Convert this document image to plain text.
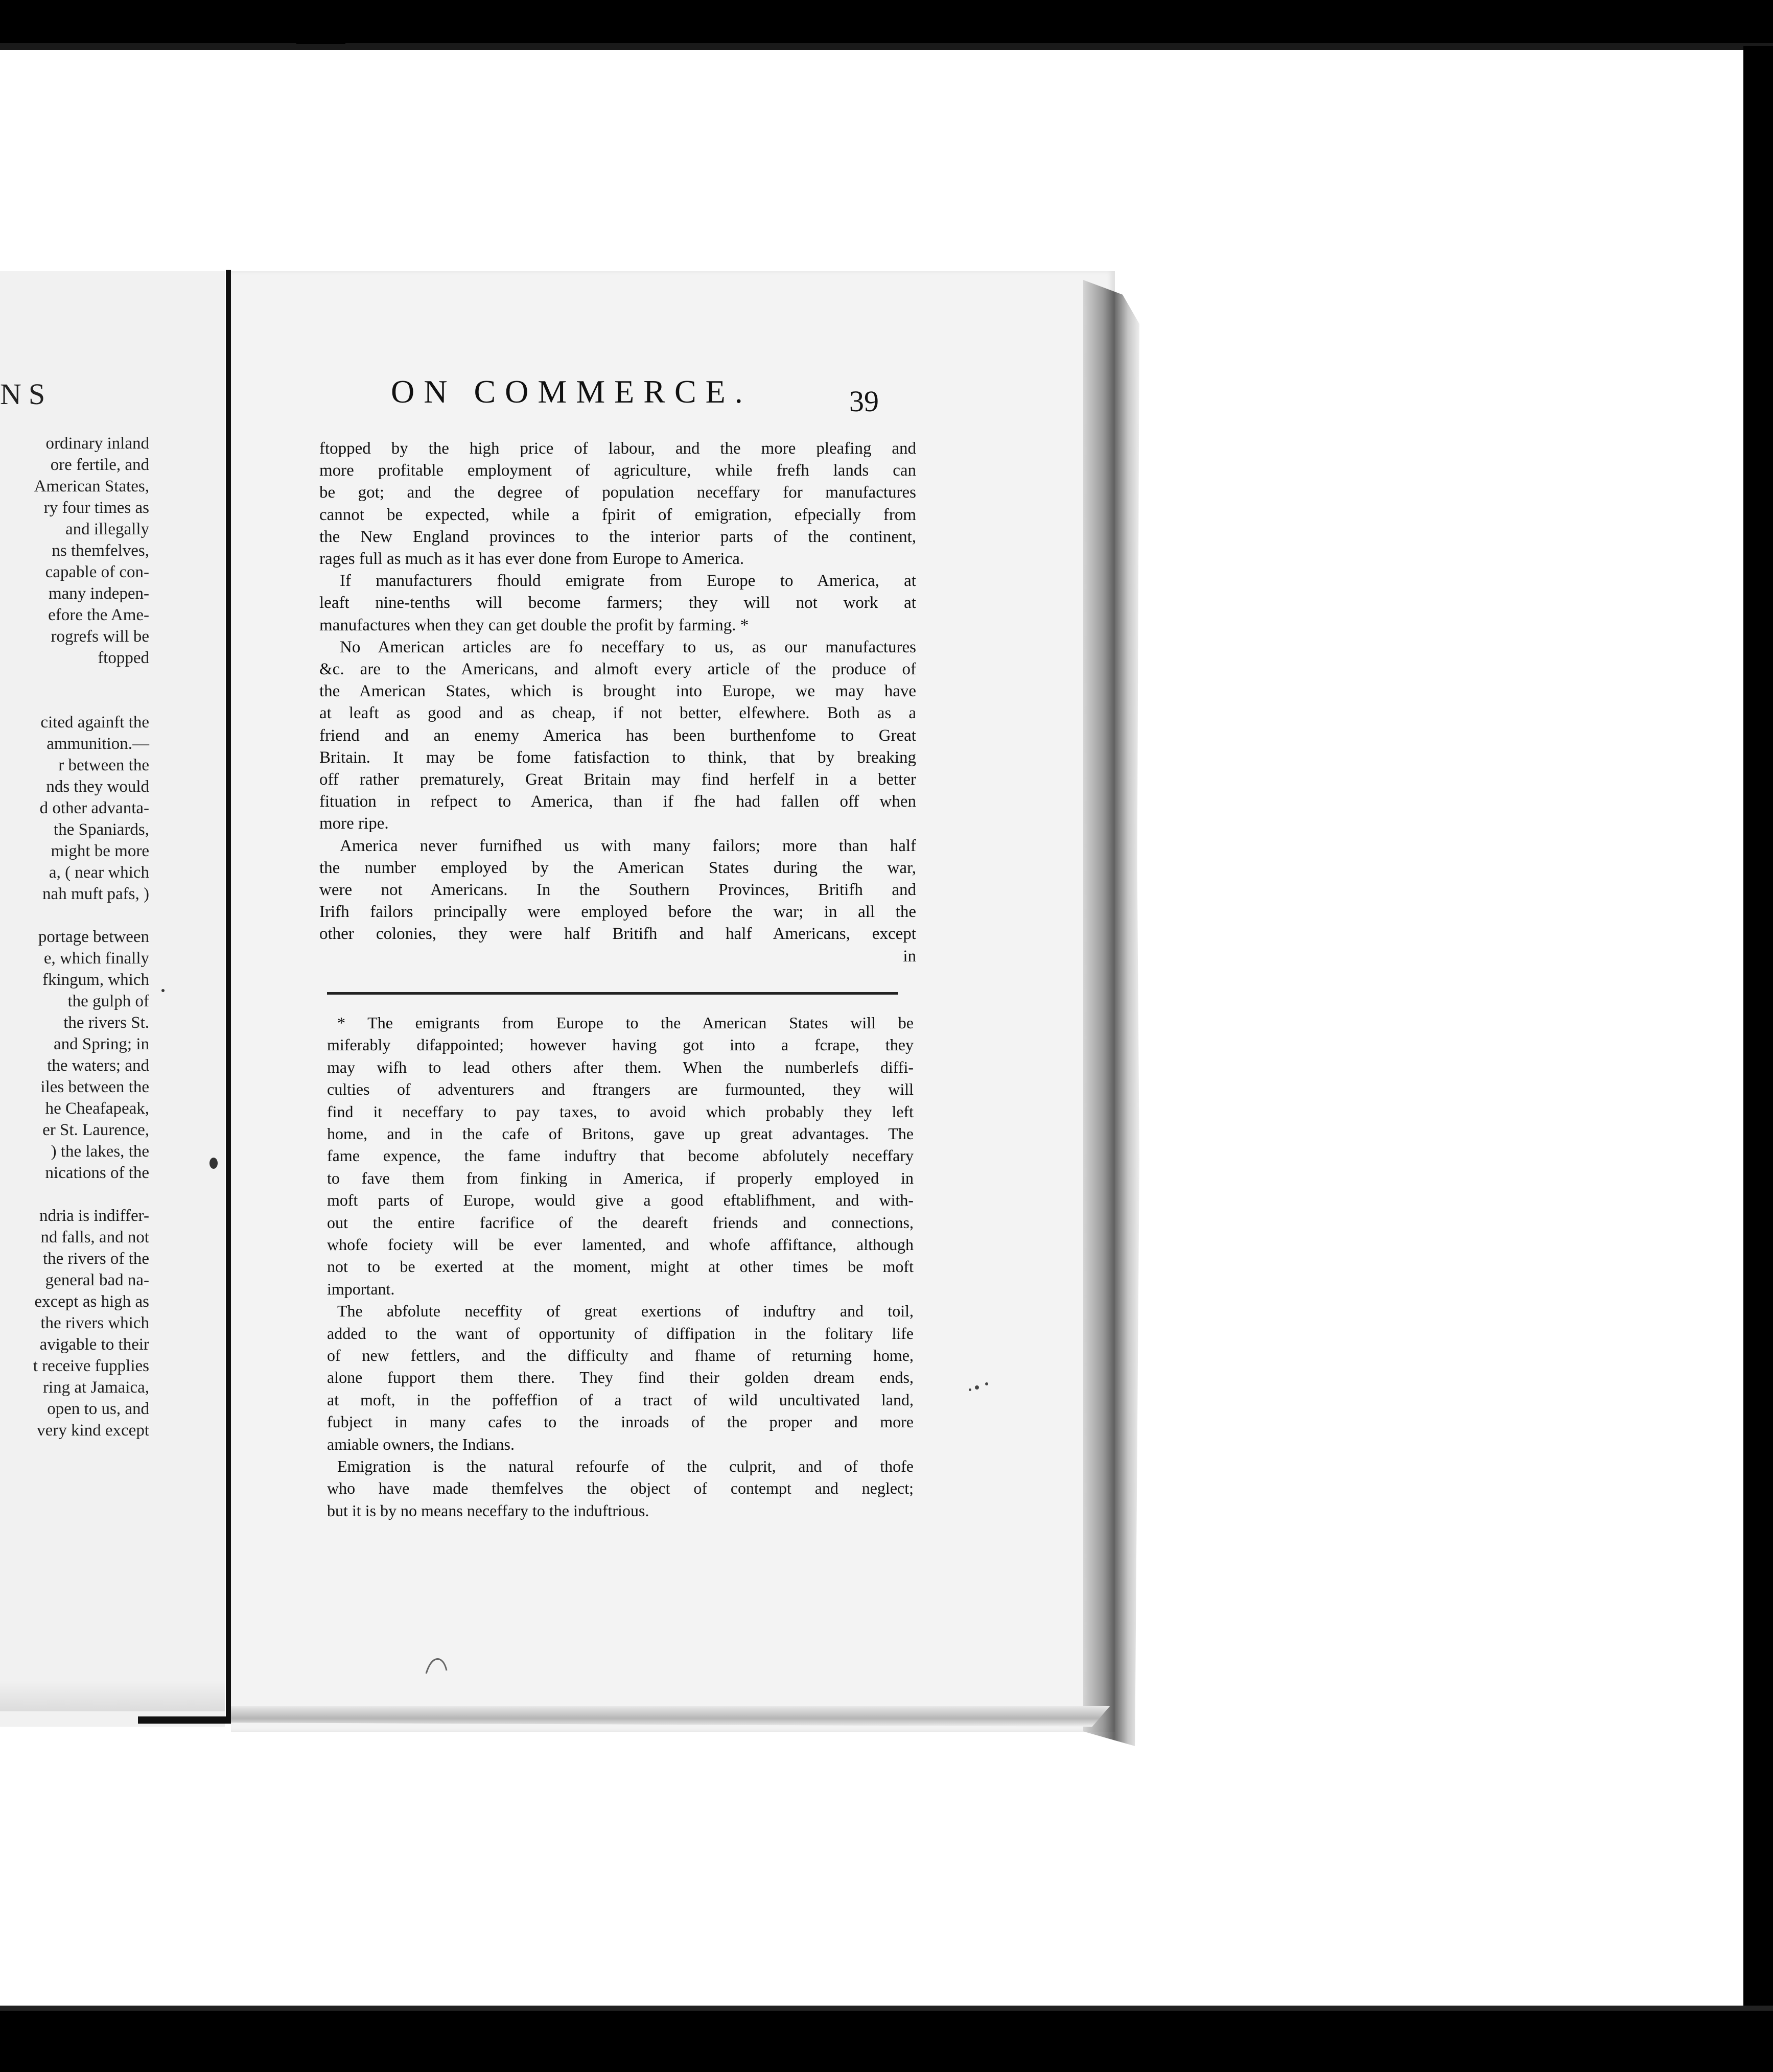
NS
ordinary inland
ore fertile, and
American States,
ry four times as
and illegally
ns themfelves,
capable of con-
many indepen-
efore the Ame-
rogrefs will be
ftopped
cited againft the
ammunition.—
r between the
nds they would
d other advanta-
the Spaniards,
might be more
a, ( near which
nah muft pafs, )
portage between
e, which finally
fkingum, which
the gulph of
the rivers St.
and Spring; in
the waters; and
iles between the
he Cheafapeak,
er St. Laurence,
) the lakes, the
nications of the
ndria is indiffer-
nd falls, and not
the rivers of the
general bad na-
except as high as
the rivers which
avigable to their
t receive fupplies
ring at Jamaica,
open to us, and
very kind except
ON COMMERCE.	39
ftopped by the high price of labour, and the more pleafing and
more profitable employment of agriculture, while frefh lands can
be got; and the degree of population neceffary for manufactures
cannot be expected, while a fpirit of emigration, efpecially from
the New England provinces to the interior parts of the continent,
rages full as much as it has ever done from Europe to America.
If manufacturers fhould emigrate from Europe to America, at
leaft nine-tenths will become farmers; they will not work at
manufactures when they can get double the profit by farming. *
No American articles are fo neceffary to us, as our manufactures
&c. are to the Americans, and almoft every article of the produce of
the American States, which is brought into Europe, we may have
at leaft as good and as cheap, if not better, elfewhere. Both as a
friend and an enemy America has been burthenfome to Great
Britain. It may be fome fatisfaction to think, that by breaking
off rather prematurely, Great Britain may find herfelf in a better
fituation in refpect to America, than if fhe had fallen off when
more ripe.
America never furnifhed us with many failors; more than half
the number employed by the American States during the war,
were not Americans. In the Southern Provinces, Britifh and
Irifh failors principally were employed before the war; in all the
other colonies, they were half Britifh and half Americans, except
in
* The emigrants from Europe to the American States will be
miferably difappointed; however having got into a fcrape, they
may wifh to lead others after them. When the numberlefs diffi-
culties of adventurers and ftrangers are furmounted, they will
find it neceffary to pay taxes, to avoid which probably they left
home, and in the cafe of Britons, gave up great advantages. The
fame expence, the fame induftry that become abfolutely neceffary
to fave them from finking in America, if properly employed in
moft parts of Europe, would give a good eftablifhment, and with-
out the entire facrifice of the deareft friends and connections,
whofe fociety will be ever lamented, and whofe affiftance, although
not to be exerted at the moment, might at other times be moft
important.
The abfolute neceffity of great exertions of induftry and toil,
added to the want of opportunity of diffipation in the folitary life
of new fettlers, and the difficulty and fhame of returning home,
alone fupport them there. They find their golden dream ends,
at moft, in the poffeffion of a tract of wild uncultivated land,
fubject in many cafes to the inroads of the proper and more
amiable owners, the Indians.
Emigration is the natural refourfe of the culprit, and of thofe
who have made themfelves the object of contempt and neglect;
but it is by no means neceffary to the induftrious.
